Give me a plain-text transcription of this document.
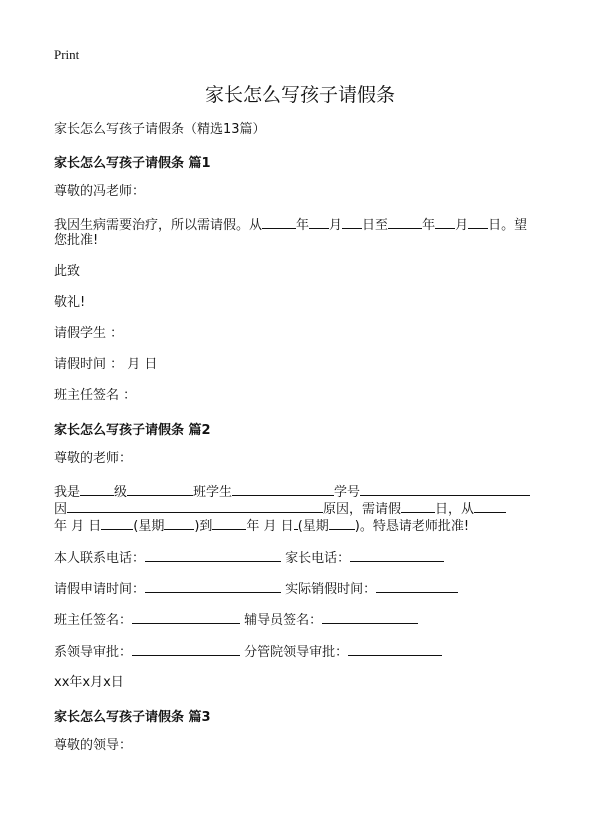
Print
家长怎么写孩子请假条
家长怎么写孩子请假条（精选13篇）
家长怎么写孩子请假条 篇1
尊敬的冯老师：
我因生病需要治疗，所以需请假。从	年 月 日至	年 月 日。望
您批准!
此致
敬礼!
请假学生 ：
请假时间 ： 月 日
班主任签名 ：
家长怎么写孩子请假条 篇2
尊敬的老师：
我是	级	班学生	学号
因	原因，需请假	日，从
年 月 日 (星期 )到	年 月 日 (星期 )。特恳请老师批准!
本人联系电话：	家长电话：
请假申请时间：	实际销假时间：
班主任签名：	辅导员签名：
系领导审批：	分管院领导审批：
xx年x月x日
家长怎么写孩子请假条 篇3
尊敬的领导：
